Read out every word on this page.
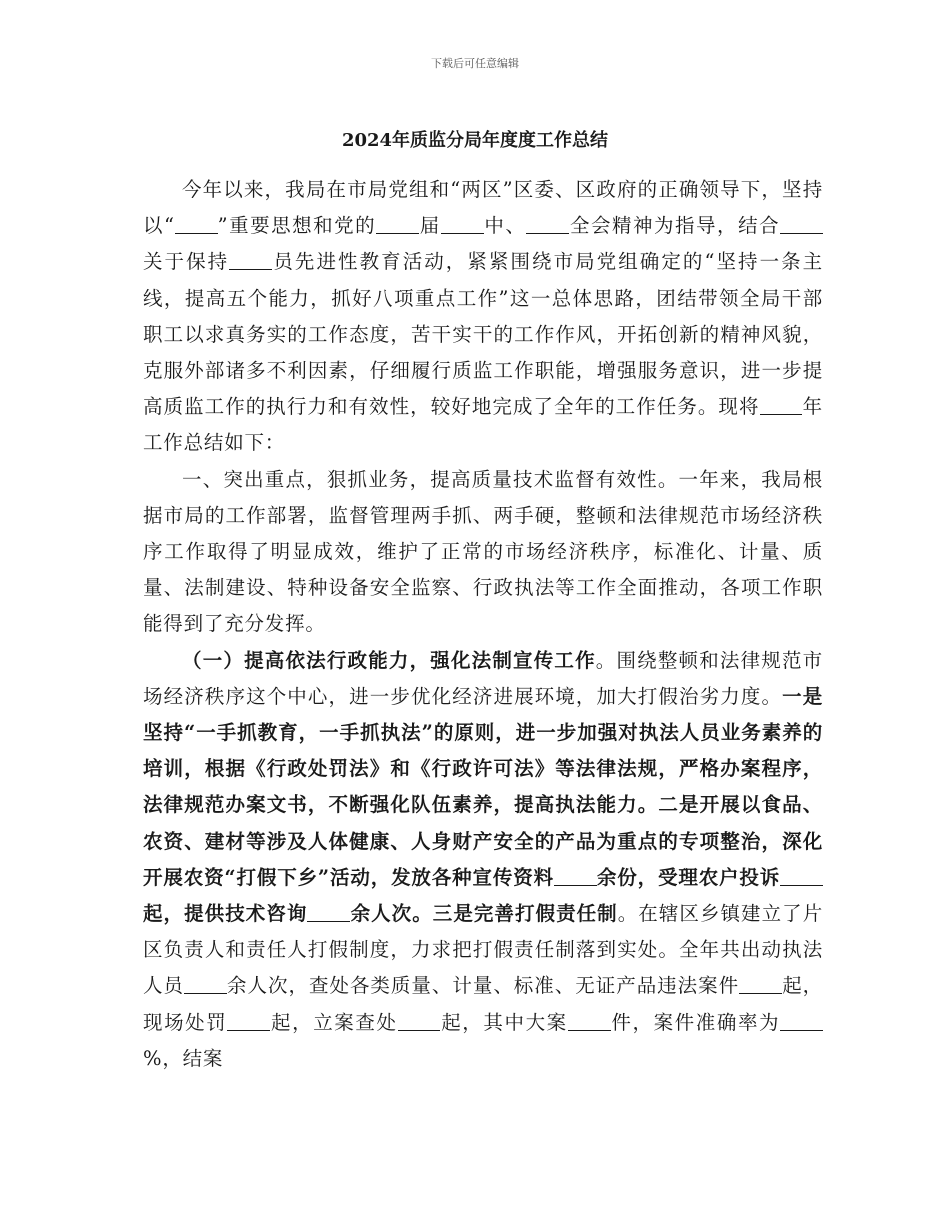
下载后可任意编辑
2024年质监分局年度度工作总结

今年以来，我局在市局党组和“两区”区委、区政府的正确领导下，坚持以“ ”重要思想和党的 届 中、 全会精神为指导，结合关于保持 员先进性教育活动，紧紧围绕市局党组确定的“坚持一条主线，提高五个能力，抓好八项重点工作”这一总体思路，团结带领全局干部职工以求真务实的工作态度，苦干实干的工作作风，开拓创新的精神风貌，克服外部诸多不利因素，仔细履行质监工作职能，增强服务意识，进一步提高质监工作的执行力和有效性，较好地完成了全年的工作任务。现将 年工作总结如下：

一、突出重点，狠抓业务，提高质量技术监督有效性。一年来，我局根据市局的工作部署，监督管理两手抓、两手硬，整顿和法律规范市场经济秩序工作取得了明显成效，维护了正常的市场经济秩序，标准化、计量、质量、法制建设、特种设备安全监察、行政执法等工作全面推动，各项工作职能得到了充分发挥。

（一）提高依法行政能力，强化法制宣传工作。围绕整顿和法律规范市场经济秩序这个中心，进一步优化经济进展环境，加大打假治劣力度。一是坚持“一手抓教育，一手抓执法”的原则，进一步加强对执法人员业务素养的培训，根据《行政处罚法》和《行政许可法》等法律法规，严格办案程序，法律规范办案文书，不断强化队伍素养，提高执法能力。二是开展以食品、农资、建材等涉及人体健康、人身财产安全的产品为重点的专项整治，深化开展农资“打假下乡”活动，发放各种宣传资料 余份，受理农户投诉起，提供技术咨询 余人次。三是完善打假责任制。在辖区乡镇建立了片区负责人和责任人打假制度，力求把打假责任制落到实处。全年共出动执法人员 余人次，查处各类质量、计量、标准、无证产品违法案件 起，现场处罚 起，立案查处 起，其中大案 件，案件准确率为%，结案
